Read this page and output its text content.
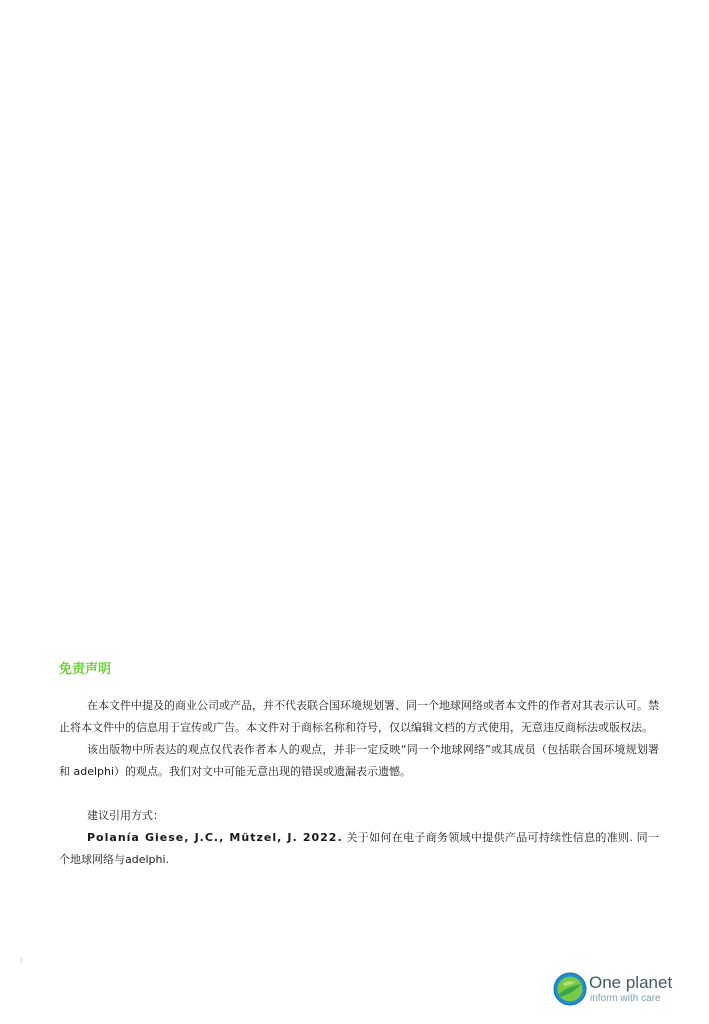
免责声明

在本文件中提及的商业公司或产品，并不代表联合国环境规划署、同一个地球网络或者本文件的作者对其表示认可。禁止将本文件中的信息用于宣传或广告。本文件对于商标名称和符号，仅以编辑文档的方式使用，无意违反商标法或版权法。

该出版物中所表达的观点仅代表作者本人的观点，并非一定反映“同一个地球网络”或其成员（包括联合国环境规划署和 adelphi）的观点。我们对文中可能无意出现的错误或遗漏表示遗憾。

建议引用方式：

Polanía Giese, J.C., Mützel, J. 2022. 关于如何在电子商务领域中提供产品可持续性信息的准则. 同一个地球网络与adelphi.

3
One planet
inform with care
